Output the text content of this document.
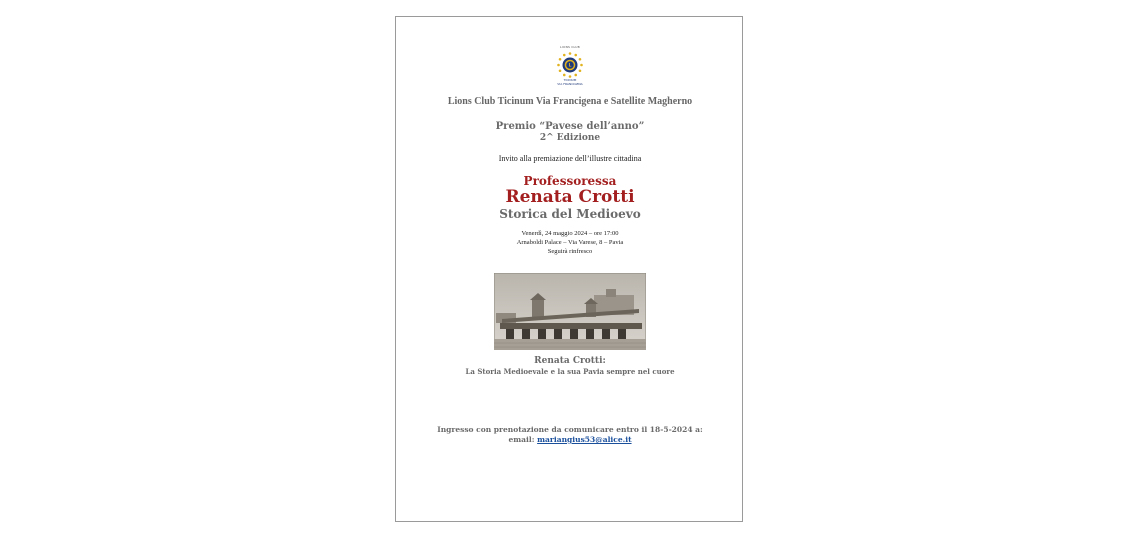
LIONS CLUB
L
TICINUM
VIA FRANCIGENA

Lions Club Ticinum Via Francigena e Satellite Magherno

Premio “Pavese dell’anno”

2^ Edizione

Invito alla premiazione dell’illustre cittadina

Professoressa

Renata Crotti

Storica del Medioevo

Venerdì, 24 maggio 2024 – ore 17:00

Arnaboldi Palace – Via Varese, 8 – Pavia

Seguirà rinfresco

Renata Crotti:

La Storia Medioevale e la sua Pavia sempre nel cuore

Ingresso con prenotazione da comunicare entro il 18-5-2024 a:

email: mariangius53@alice.it
